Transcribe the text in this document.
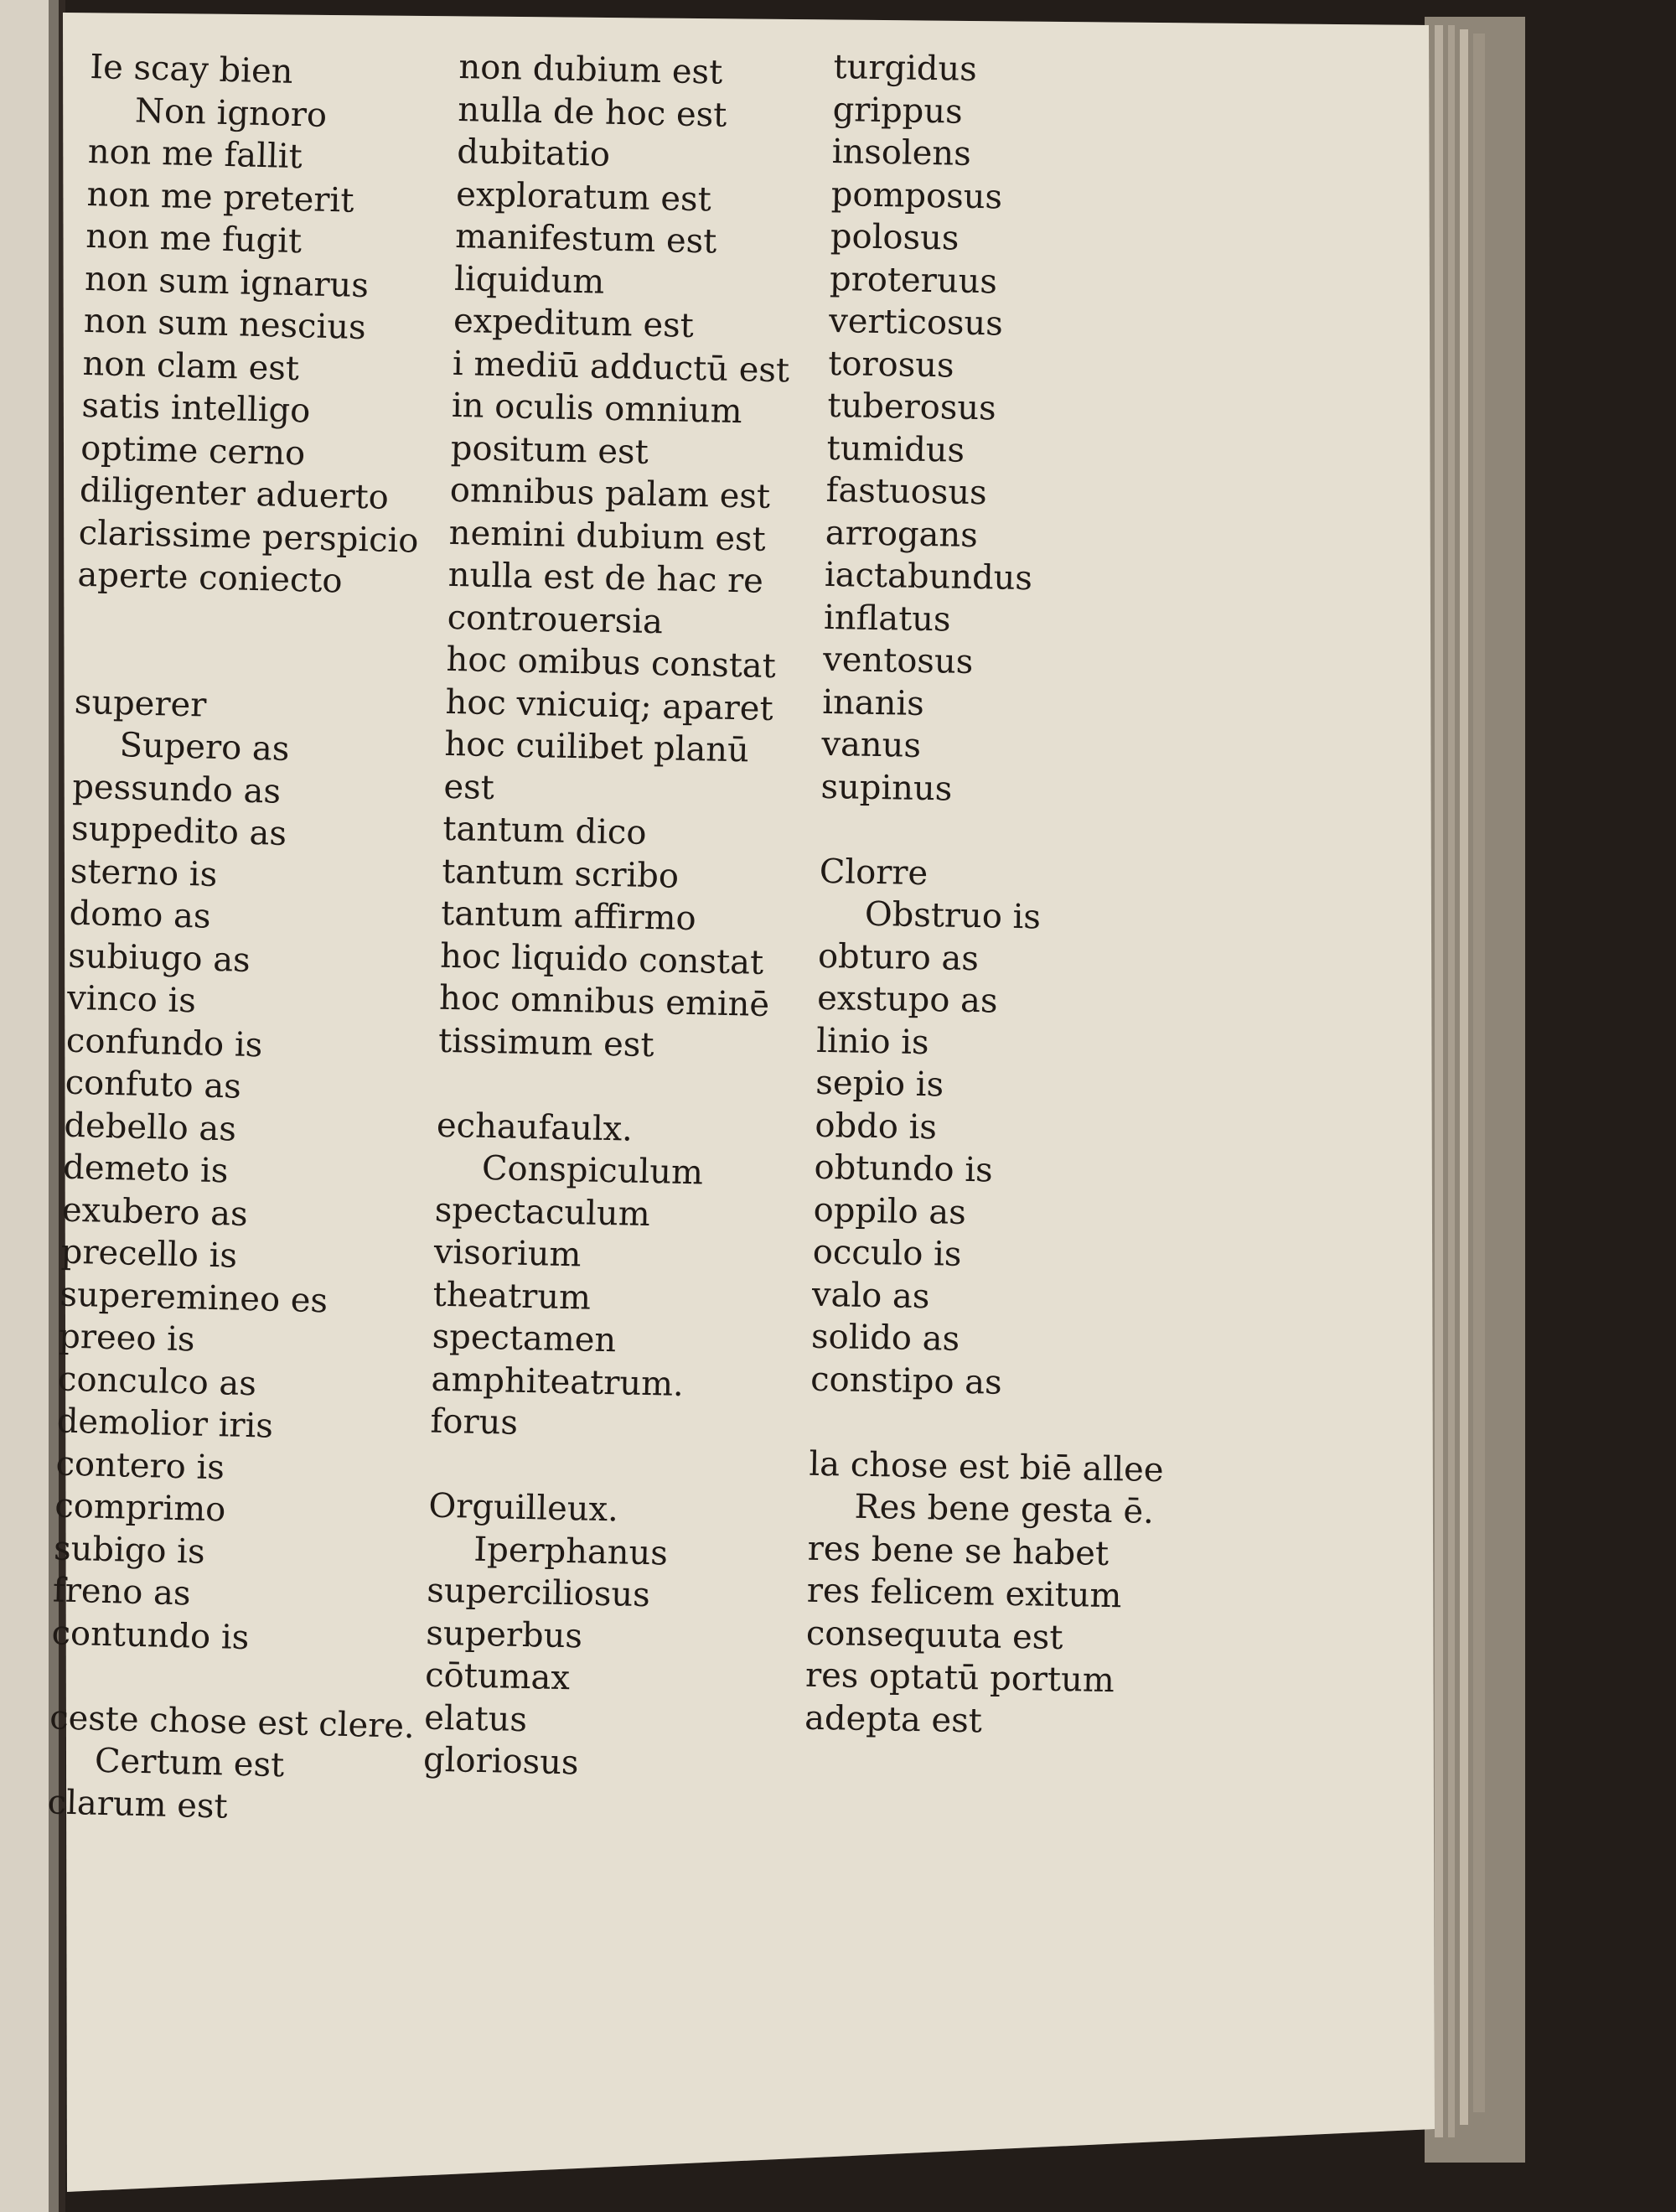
Ie scay bien
Non ignoro
non me fallit
non me preterit
non me fugit
non sum ignarus
non sum nescius
non clam est
satis intelligo
optime cerno
diligenter aduerto
clarissime perspicio
aperte coniecto
superer
Supero as
pessundo as
suppedito as
sterno is
domo as
subiugo as
vinco is
confundo is
confuto as
debello as
demeto is
exubero as
precello is
superemineo es
preeo is
conculco as
demolior iris
contero is
comprimo
subigo is
freno as
contundo is
ceste chose est clere.
Certum est
clarum est
non dubium est
nulla de hoc est
dubitatio
exploratum est
manifestum est
liquidum
expeditum est
i mediū adductū est
in oculis omnium
positum est
omnibus palam est
nemini dubium est
nulla est de hac re
controuersia
hoc omibus constat
hoc vnicuiq; aparet
hoc cuilibet planū
est
tantum dico
tantum scribo
tantum affirmo
hoc liquido constat
hoc omnibus eminē
tissimum est
echaufaulx.
Conspiculum
spectaculum
visorium
theatrum
spectamen
amphiteatrum.
forus
Orguilleux.
Iperphanus
superciliosus
superbus
cōtumax
elatus
gloriosus
turgidus
grippus
insolens
pomposus
polosus
proteruus
verticosus
torosus
tuberosus
tumidus
fastuosus
arrogans
iactabundus
inflatus
ventosus
inanis
vanus
supinus
Clorre
Obstruo is
obturo as
exstupo as
linio is
sepio is
obdo is
obtundo is
oppilo as
occulo is
valo as
solido as
constipo as
la chose est biē allee
Res bene gesta ē.
res bene se habet
res felicem exitum
consequuta est
res optatū portum
adepta est
